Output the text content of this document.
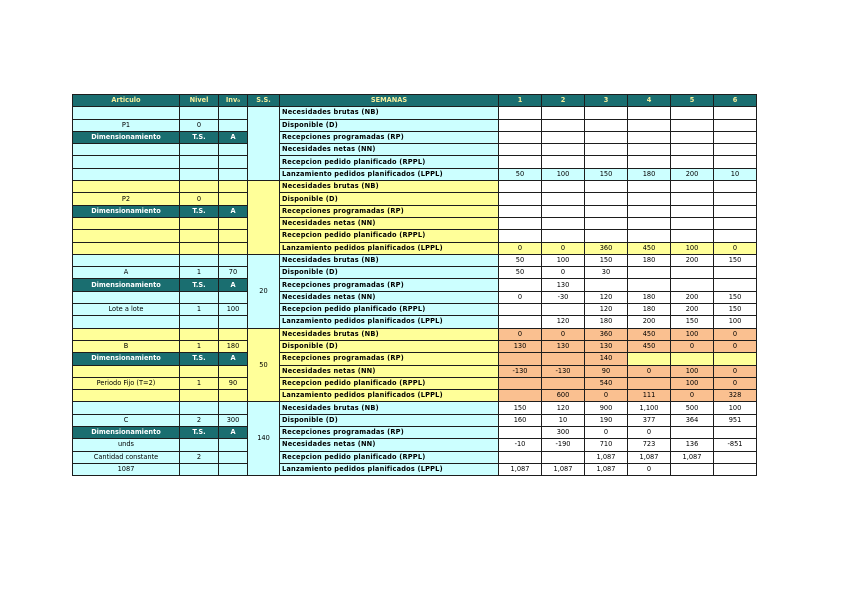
Articulo	Nivel	Inv₀	S.S.	SEMANAS	1	2	3	4	5	6
				Necesidades brutas (NB)						
P1	0			Disponible (D)						
Dimensionamiento	T.S.	A		Recepciones programadas (RP)						
				Necesidades netas (NN)						
				Recepcion pedido planificado (RPPL)						
				Lanzamiento pedidos planificados (LPPL)	50	100	150	180	200	10
				Necesidades brutas (NB)						
P2	0			Disponible (D)						
Dimensionamiento	T.S.	A		Recepciones programadas (RP)						
				Necesidades netas (NN)						
				Recepcion pedido planificado (RPPL)						
				Lanzamiento pedidos planificados (LPPL)	0	0	360	450	100	0
			20	Necesidades brutas (NB)	50	100	150	180	200	150
A	1	70		Disponible (D)	50	0	30			
Dimensionamiento	T.S.	A		Recepciones programadas (RP)		130				
				Necesidades netas (NN)	0	-30	120	180	200	150
Lote a lote	1	100		Recepcion pedido planificado (RPPL)			120	180	200	150
				Lanzamiento pedidos planificados (LPPL)		120	180	200	150	100
			50	Necesidades brutas (NB)	0	0	360	450	100	0
B	1	180		Disponible (D)	130	130	130	450	0	0
Dimensionamiento	T.S.	A		Recepciones programadas (RP)			140			
				Necesidades netas (NN)	-130	-130	90	0	100	0
Periodo Fijo (T=2)	1	90		Recepcion pedido planificado (RPPL)			540		100	0
				Lanzamiento pedidos planificados (LPPL)		600	0	111	0	328
			140	Necesidades brutas (NB)	150	120	900	1,100	500	100
C	2	300		Disponible (D)	160	10	190	377	364	951
Dimensionamiento	T.S.	A		Recepciones programadas (RP)		300	0	0		
unds				Necesidades netas (NN)	-10	-190	710	723	136	-851
Cantidad constante	2			Recepcion pedido planificado (RPPL)			1,087	1,087	1,087	
1087				Lanzamiento pedidos planificados (LPPL)	1,087	1,087	1,087	0		
